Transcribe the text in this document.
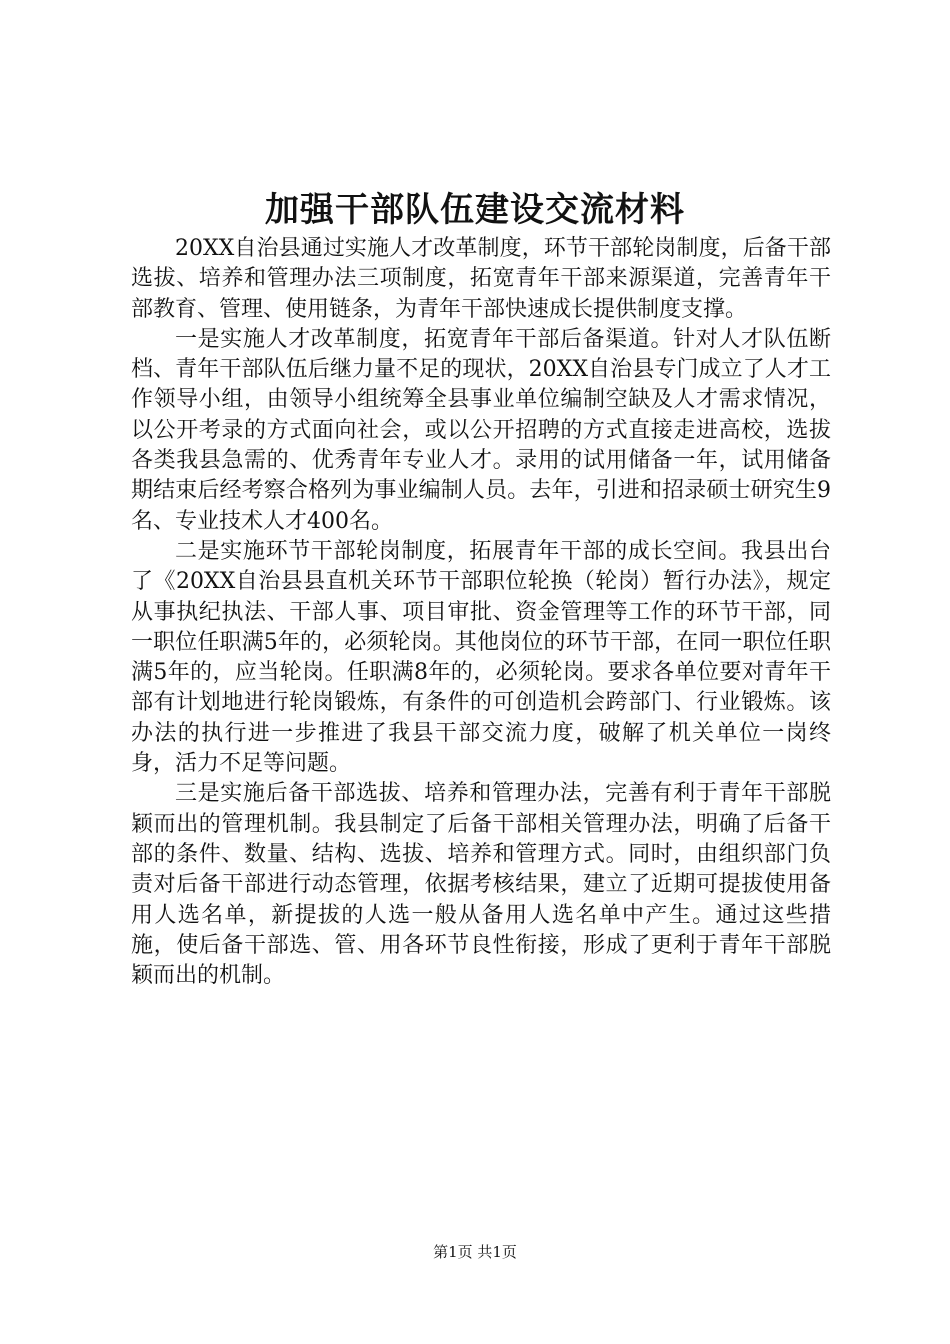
加强干部队伍建设交流材料

20XX自治县通过实施人才改革制度，环节干部轮岗制度，后备干部选拔、培养和管理办法三项制度，拓宽青年干部来源渠道，完善青年干部教育、管理、使用链条，为青年干部快速成长提供制度支撑。

一是实施人才改革制度，拓宽青年干部后备渠道。针对人才队伍断档、青年干部队伍后继力量不足的现状，20XX自治县专门成立了人才工作领导小组，由领导小组统筹全县事业单位编制空缺及人才需求情况，以公开考录的方式面向社会，或以公开招聘的方式直接走进高校，选拔各类我县急需的、优秀青年专业人才。录用的试用储备一年，试用储备期结束后经考察合格列为事业编制人员。去年，引进和招录硕士研究生9名、专业技术人才400名。

二是实施环节干部轮岗制度，拓展青年干部的成长空间。我县出台了《20XX自治县县直机关环节干部职位轮换（轮岗）暂行办法》，规定从事执纪执法、干部人事、项目审批、资金管理等工作的环节干部，同一职位任职满5年的，必须轮岗。其他岗位的环节干部，在同一职位任职满5年的，应当轮岗。任职满8年的，必须轮岗。要求各单位要对青年干部有计划地进行轮岗锻炼，有条件的可创造机会跨部门、行业锻炼。该办法的执行进一步推进了我县干部交流力度，破解了机关单位一岗终身，活力不足等问题。

三是实施后备干部选拔、培养和管理办法，完善有利于青年干部脱颖而出的管理机制。我县制定了后备干部相关管理办法，明确了后备干部的条件、数量、结构、选拔、培养和管理方式。同时，由组织部门负责对后备干部进行动态管理，依据考核结果，建立了近期可提拔使用备用人选名单，新提拔的人选一般从备用人选名单中产生。通过这些措施，使后备干部选、管、用各环节良性衔接，形成了更利于青年干部脱颖而出的机制。

第1页 共1页
